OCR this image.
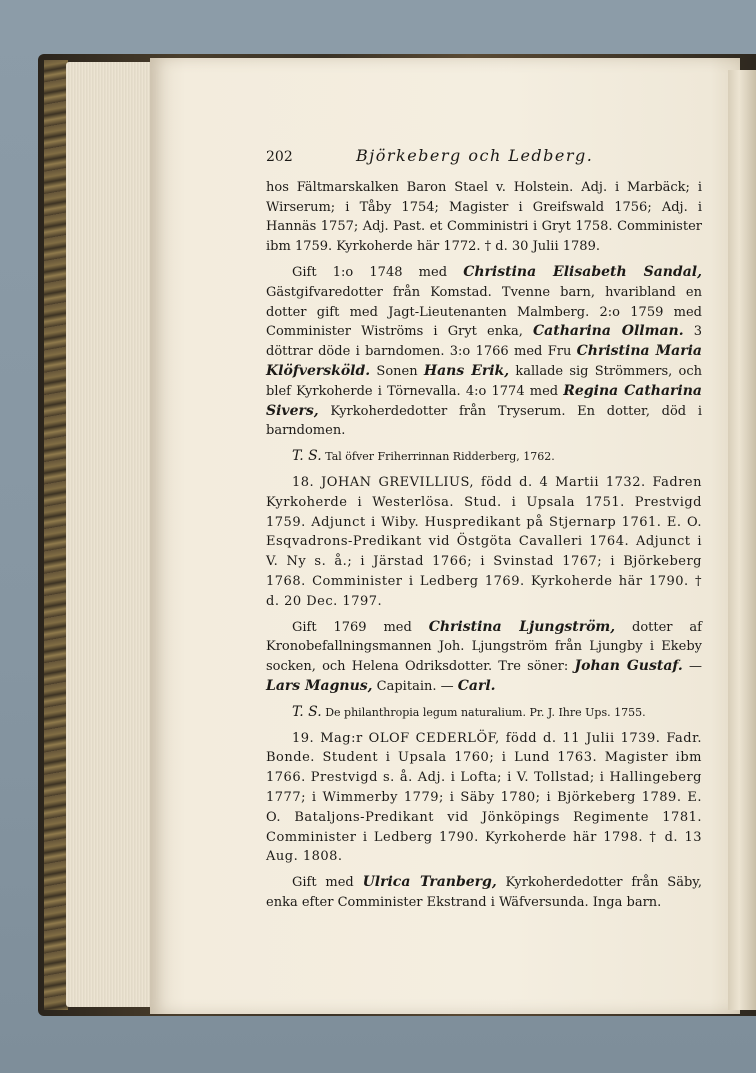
202	Björkeberg och Ledberg.

hos Fältmarskalken Baron Stael v. Holstein. Adj. i Marbäck; i Wirserum; i Tåby 1754; Magister i Greifswald 1756; Adj. i Hannäs 1757; Adj. Past. et Comministri i Gryt 1758. Comminister ibm 1759. Kyrkoherde här 1772. † d. 30 Julii 1789.

Gift 1:o 1748 med Christina Elisabeth Sandal, Gästgifvaredotter från Komstad. Tvenne barn, hvaribland en dotter gift med Jagt-Lieutenanten Malmberg. 2:o 1759 med Comminister Wiströms i Gryt enka, Catharina Ollman. 3 döttrar döde i barndomen. 3:o 1766 med Fru Christina Maria Klöfversköld. Sonen Hans Erik, kallade sig Strömmers, och blef Kyrkoherde i Törnevalla. 4:o 1774 med Regina Catharina Sivers, Kyrkoherdedotter från Tryserum. En dotter, död i barndomen.

T. S. Tal öfver Friherrinnan Ridderberg, 1762.

18. JOHAN GREVILLIUS, född d. 4 Martii 1732. Fadren Kyrkoherde i Westerlösa. Stud. i Upsala 1751. Prestvigd 1759. Adjunct i Wiby. Huspredikant på Stjernarp 1761. E. O. Esqvadrons-Predikant vid Östgöta Cavalleri 1764. Adjunct i V. Ny s. å.; i Järstad 1766; i Svinstad 1767; i Björkeberg 1768. Comminister i Ledberg 1769. Kyrkoherde här 1790. † d. 20 Dec. 1797.

Gift 1769 med Christina Ljungström, dotter af Kronobefallningsmannen Joh. Ljungström från Ljungby i Ekeby socken, och Helena Odriksdotter. Tre söner: Johan Gustaf. — Lars Magnus, Capitain. — Carl.

T. S. De philanthropia legum naturalium. Pr. J. Ihre Ups. 1755.

19. Mag:r OLOF CEDERLÖF, född d. 11 Julii 1739. Fadr. Bonde. Student i Upsala 1760; i Lund 1763. Magister ibm 1766. Prestvigd s. å. Adj. i Lofta; i V. Tollstad; i Hallingeberg 1777; i Wimmerby 1779; i Säby 1780; i Björkeberg 1789. E. O. Bataljons-Predikant vid Jönköpings Regimente 1781. Comminister i Ledberg 1790. Kyrkoherde här 1798. † d. 13 Aug. 1808.

Gift med Ulrica Tranberg, Kyrkoherdedotter från Säby, enka efter Comminister Ekstrand i Wäfversunda. Inga barn.
